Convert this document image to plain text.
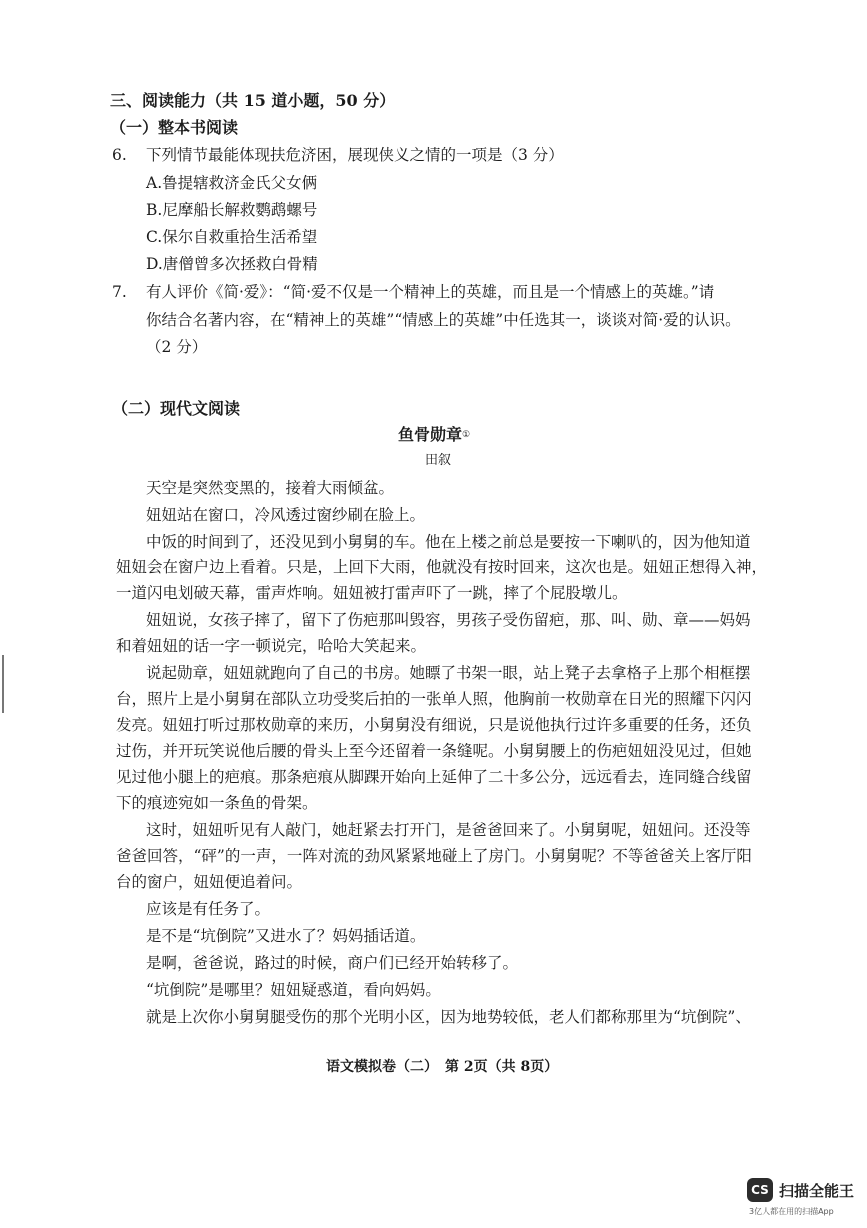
三、阅读能力（共 15 道小题，50 分）
（一）整本书阅读
6. 下列情节最能体现扶危济困，展现侠义之情的一项是（3 分）
A.鲁提辖救济金氏父女俩
B.尼摩船长解救鹦鹉螺号
C.保尔自救重拾生活希望
D.唐僧曾多次拯救白骨精
7. 有人评价《简·爱》：“简·爱不仅是一个精神上的英雄，而且是一个情感上的英雄。”请
你结合名著内容，在“精神上的英雄”“情感上的英雄”中任选其一，谈谈对简·爱的认识。
（2 分）
（二）现代文阅读
鱼骨勋章①
田叙
天空是突然变黑的，接着大雨倾盆。
妞妞站在窗口，冷风透过窗纱刷在脸上。
中饭的时间到了，还没见到小舅舅的车。他在上楼之前总是要按一下喇叭的，因为他知道
妞妞会在窗户边上看着。只是，上回下大雨，他就没有按时回来，这次也是。妞妞正想得入神，
一道闪电划破天幕，雷声炸响。妞妞被打雷声吓了一跳，摔了个屁股墩儿。
妞妞说，女孩子摔了，留下了伤疤那叫毁容，男孩子受伤留疤，那、叫、勋、章——妈妈
和着妞妞的话一字一顿说完，哈哈大笑起来。
说起勋章，妞妞就跑向了自己的书房。她瞟了书架一眼，站上凳子去拿格子上那个相框摆
台，照片上是小舅舅在部队立功受奖后拍的一张单人照，他胸前一枚勋章在日光的照耀下闪闪
发亮。妞妞打听过那枚勋章的来历，小舅舅没有细说，只是说他执行过许多重要的任务，还负
过伤，并开玩笑说他后腰的骨头上至今还留着一条缝呢。小舅舅腰上的伤疤妞妞没见过，但她
见过他小腿上的疤痕。那条疤痕从脚踝开始向上延伸了二十多公分，远远看去，连同缝合线留
下的痕迹宛如一条鱼的骨架。
这时，妞妞听见有人敲门，她赶紧去打开门，是爸爸回来了。小舅舅呢，妞妞问。还没等
爸爸回答，“砰”的一声，一阵对流的劲风紧紧地碰上了房门。小舅舅呢？不等爸爸关上客厅阳
台的窗户，妞妞便追着问。
应该是有任务了。
是不是“坑倒院”又进水了？妈妈插话道。
是啊，爸爸说，路过的时候，商户们已经开始转移了。
“坑倒院”是哪里？妞妞疑惑道，看向妈妈。
就是上次你小舅舅腿受伤的那个光明小区，因为地势较低，老人们都称那里为“坑倒院”、
语文模拟卷（二）　第 2页（共 8页）
CS 扫描全能王
3亿人都在用的扫描App
